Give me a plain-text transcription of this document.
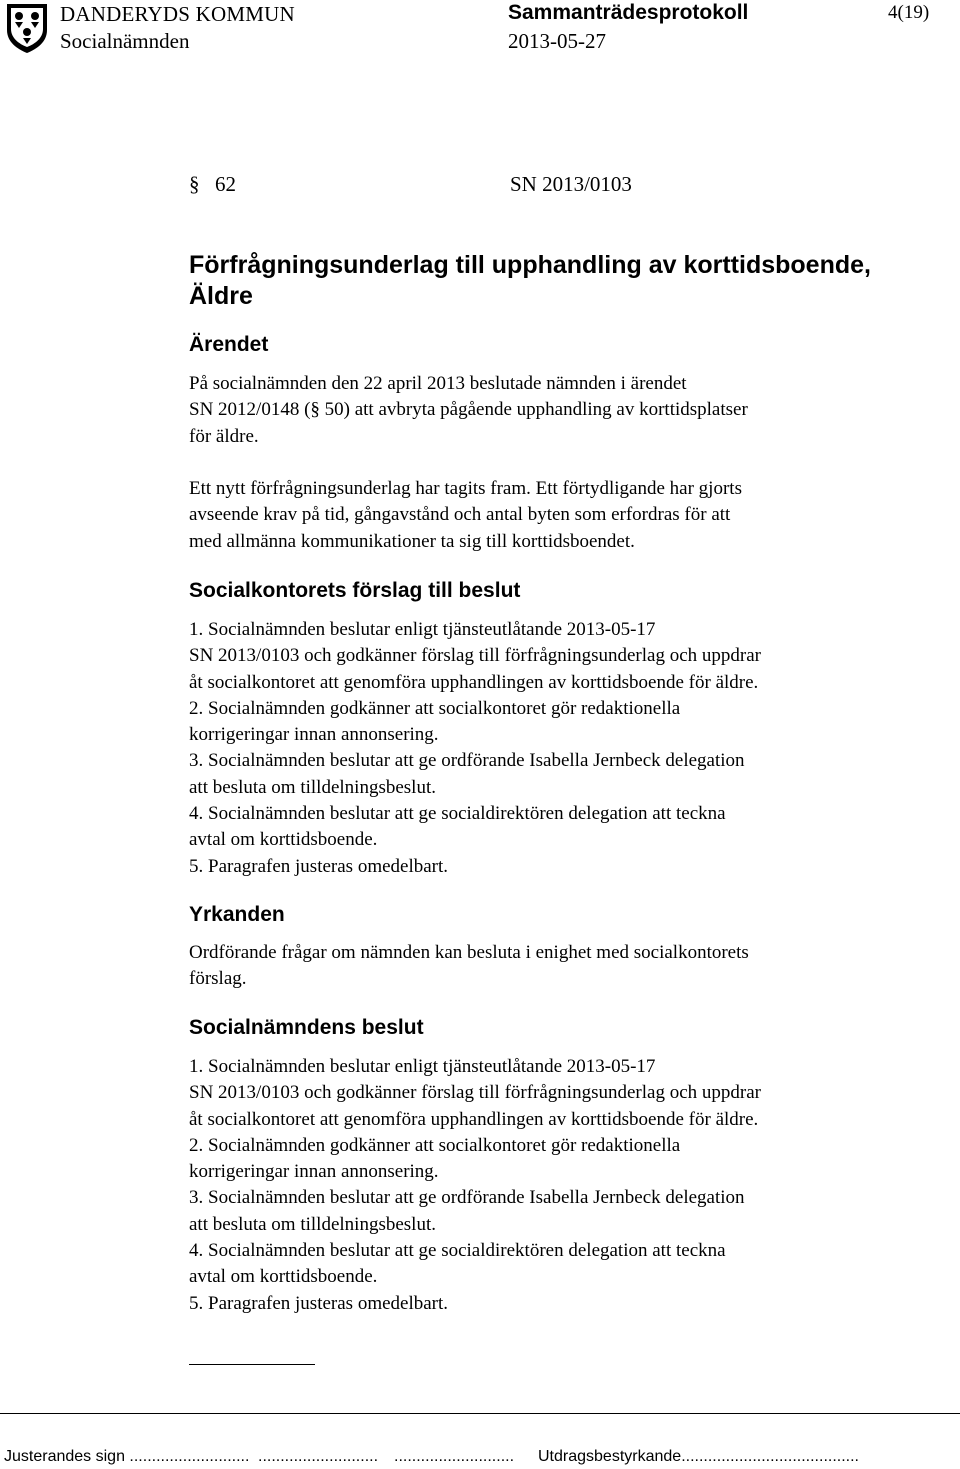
DANDERYDS KOMMUN
Socialnämnden
Sammanträdesprotokoll
2013-05-27
4(19)
§ 62	SN 2013/0103
Förfrågningsunderlag till upphandling av korttidsboende, Äldre
Ärendet
På socialnämnden den 22 april 2013 beslutade nämnden i ärendet
SN 2012/0148 (§ 50) att avbryta pågående upphandling av korttidsplatser
för äldre.
Ett nytt förfrågningsunderlag har tagits fram. Ett förtydligande har gjorts
avseende krav på tid, gångavstånd och antal byten som erfordras för att
med allmänna kommunikationer ta sig till korttidsboendet.
Socialkontorets förslag till beslut
1. Socialnämnden beslutar enligt tjänsteutlåtande 2013-05-17
SN 2013/0103 och godkänner förslag till förfrågningsunderlag och uppdrar
åt socialkontoret att genomföra upphandlingen av korttidsboende för äldre.
2. Socialnämnden godkänner att socialkontoret gör redaktionella
korrigeringar innan annonsering.
3. Socialnämnden beslutar att ge ordförande Isabella Jernbeck delegation
att besluta om tilldelningsbeslut.
4. Socialnämnden beslutar att ge socialdirektören delegation att teckna
avtal om korttidsboende.
5. Paragrafen justeras omedelbart.
Yrkanden
Ordförande frågar om nämnden kan besluta i enighet med socialkontorets
förslag.
Socialnämndens beslut
1. Socialnämnden beslutar enligt tjänsteutlåtande 2013-05-17
SN 2013/0103 och godkänner förslag till förfrågningsunderlag och uppdrar
åt socialkontoret att genomföra upphandlingen av korttidsboende för äldre.
2. Socialnämnden godkänner att socialkontoret gör redaktionella
korrigeringar innan annonsering.
3. Socialnämnden beslutar att ge ordförande Isabella Jernbeck delegation
att besluta om tilldelningsbeslut.
4. Socialnämnden beslutar att ge socialdirektören delegation att teckna
avtal om korttidsboende.
5. Paragrafen justeras omedelbart.
Justerandes sign ........................... ........................... ........................... Utdragsbestyrkande........................................
